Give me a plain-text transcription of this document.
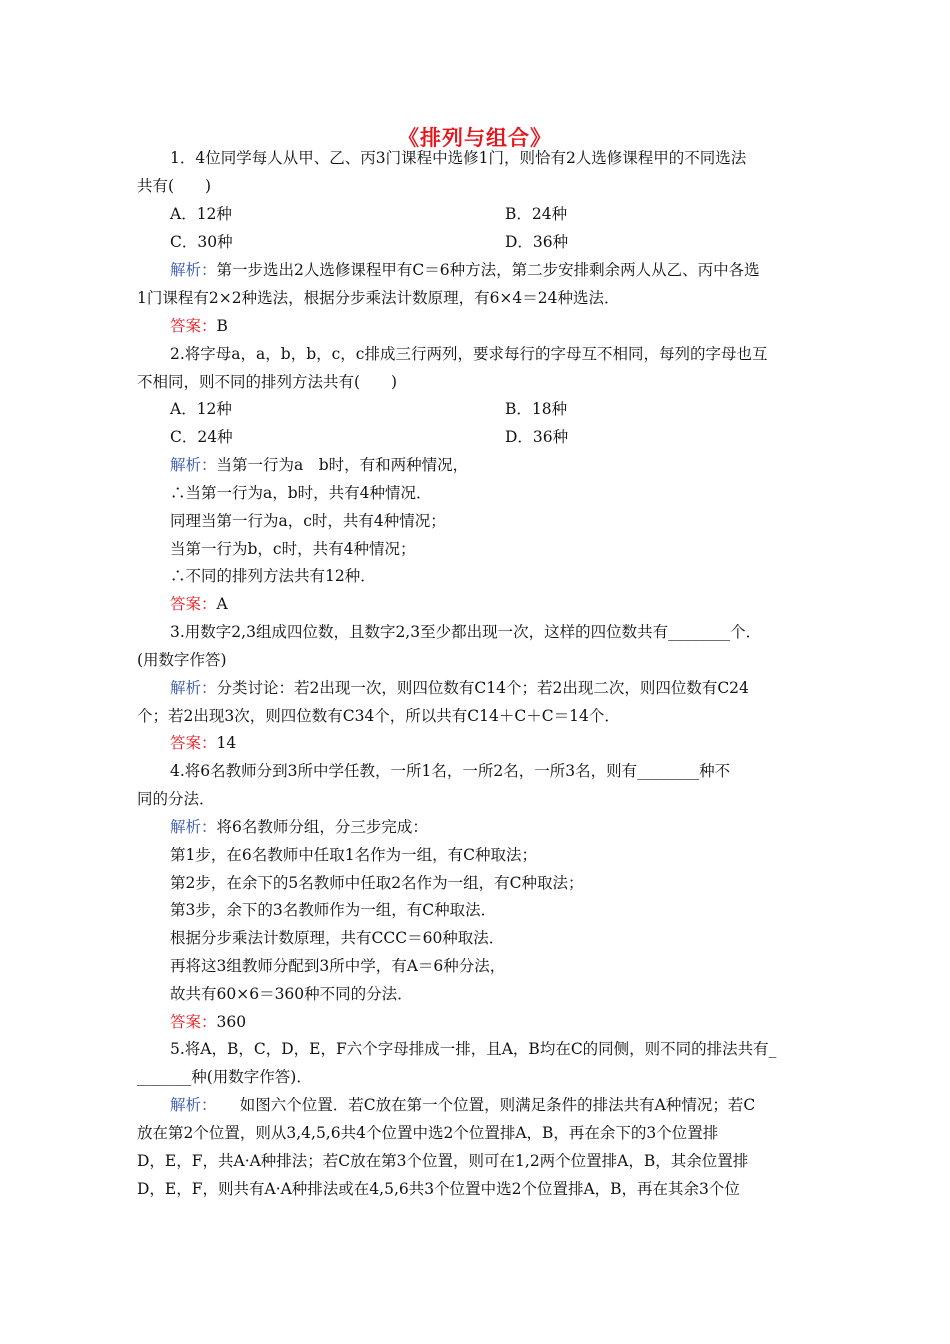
《排列与组合》
1．4位同学每人从甲、乙、丙3门课程中选修1门，则恰有2人选修课程甲的不同选法
共有(　　)
A．12种	B．24种
C．30种	D．36种
解析：第一步选出2人选修课程甲有C＝6种方法，第二步安排剩余两人从乙、丙中各选
1门课程有2×2种选法，根据分步乘法计数原理，有6×4＝24种选法．
答案：B
2.将字母a，a，b，b，c，c排成三行两列，要求每行的字母互不相同，每列的字母也互
不相同，则不同的排列方法共有(　　)
A．12种	B．18种
C．24种	D．36种
解析：当第一行为a　b时，有和两种情况，
∴当第一行为a，b时，共有4种情况．
同理当第一行为a，c时，共有4种情况；
当第一行为b，c时，共有4种情况；
∴不同的排列方法共有12种．
答案：A
3.用数字2,3组成四位数，且数字2,3至少都出现一次，这样的四位数共有________个．
(用数字作答)
解析：分类讨论：若2出现一次，则四位数有C14个；若2出现二次，则四位数有C24
个；若2出现3次，则四位数有C34个，所以共有C14＋C＋C＝14个．
答案：14
4.将6名教师分到3所中学任教，一所1名，一所2名，一所3名，则有________种不
同的分法．
解析：将6名教师分组，分三步完成：
第1步，在6名教师中任取1名作为一组，有C种取法；
第2步，在余下的5名教师中任取2名作为一组，有C种取法；
第3步，余下的3名教师作为一组，有C种取法．
根据分步乘法计数原理，共有CCC＝60种取法．
再将这3组教师分配到3所中学，有A＝6种分法，
故共有60×6＝360种不同的分法．
答案：360
5.将A，B，C，D，E，F六个字母排成一排，且A，B均在C的同侧，则不同的排法共有_
_______种(用数字作答)．
解析：　　如图六个位置．若C放在第一个位置，则满足条件的排法共有A种情况；若C
放在第2个位置，则从3,4,5,6共4个位置中选2个位置排A，B，再在余下的3个位置排
D，E，F，共A·A种排法；若C放在第3个位置，则可在1,2两个位置排A，B，其余位置排
D，E，F，则共有A·A种排法或在4,5,6共3个位置中选2个位置排A，B，再在其余3个位
